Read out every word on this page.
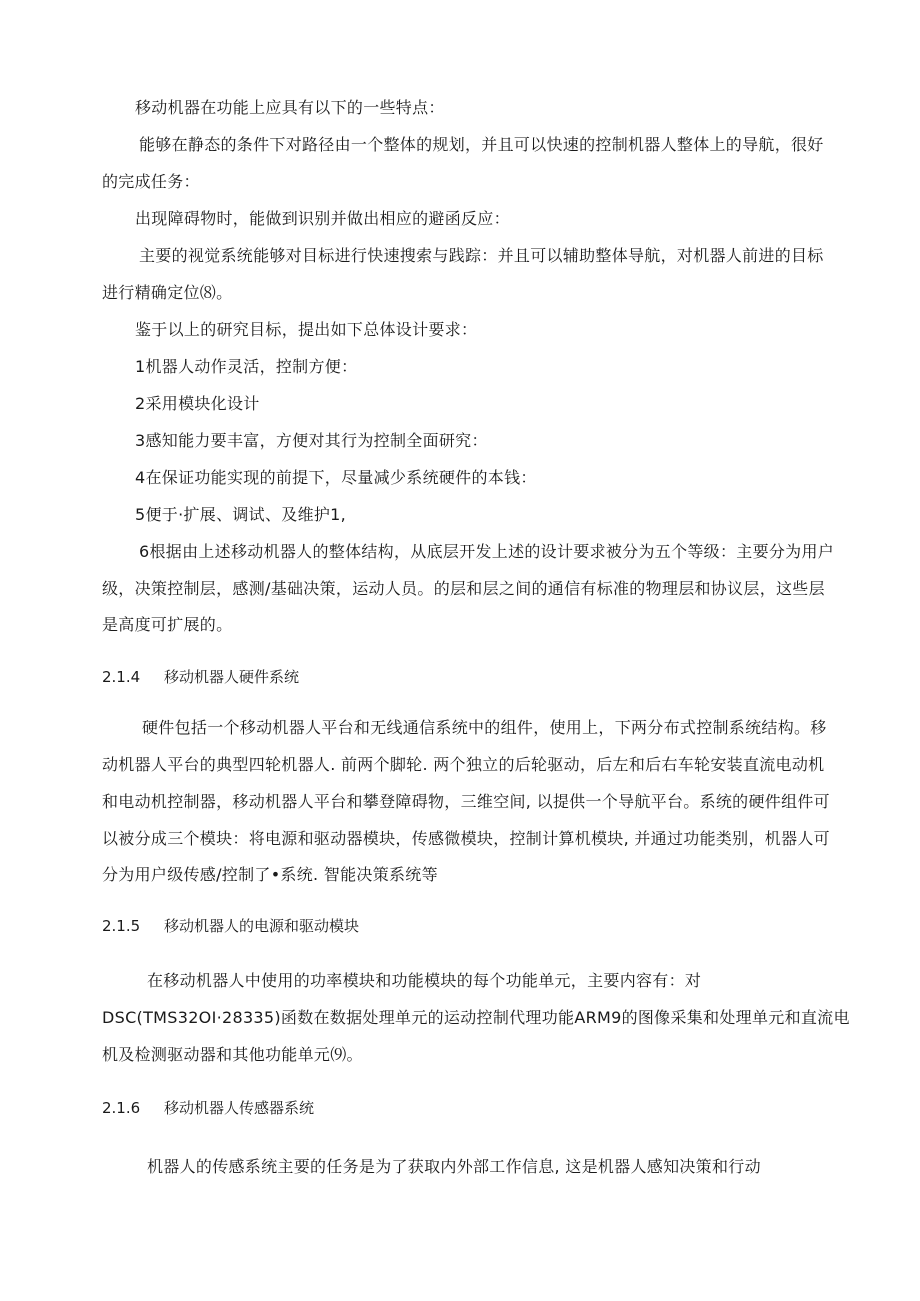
移动机器在功能上应具有以下的一些特点：
能够在静态的条件下对路径由一个整体的规划，并且可以快速的控制机器人整体上的导航，很好
的完成任务：
出现障碍物时，能做到识别并做出相应的避函反应：
主要的视觉系统能够对目标进行快速搜索与践踪：并且可以辅助整体导航，对机器人前进的目标
进行精确定位⑻。
鉴于以上的研究目标，提出如下总体设计要求：
1机器人动作灵活，控制方便：
2采用模块化设计
3感知能力要丰富，方便对其行为控制全面研究：
4在保证功能实现的前提下，尽量减少系统硬件的本钱：
5便于·扩展、调试、及维护1,
6根据由上述移动机器人的整体结构，从底层开发上述的设计要求被分为五个等级：主要分为用户
级，决策控制层，感测/基础决策，运动人员。的层和层之间的通信有标准的物理层和协议层，这些层
是高度可扩展的。
2.1.4 移动机器人硬件系统
硬件包括一个移动机器人平台和无线通信系统中的组件，使用上，下两分布式控制系统结构。移
动机器人平台的典型四轮机器人. 前两个脚轮. 两个独立的后轮驱动，后左和后右车轮安装直流电动机
和电动机控制器，移动机器人平台和攀登障碍物，三维空间, 以提供一个导航平台。系统的硬件组件可
以被分成三个模块：将电源和驱动器模块，传感微模块，控制计算机模块, 并通过功能类别，机器人可
分为用户级传感/控制了•系统. 智能决策系统等
2.1.5 移动机器人的电源和驱动模块
在移动机器人中使用的功率模块和功能模块的每个功能单元，主要内容有：对
DSC(TMS32OI·28335)函数在数据处理单元的运动控制代理功能ARM9的图像采集和处理单元和直流电
机及检测驱动器和其他功能单元⑼。
2.1.6 移动机器人传感器系统
机器人的传感系统主要的任务是为了获取内外部工作信息, 这是机器人感知决策和行动
